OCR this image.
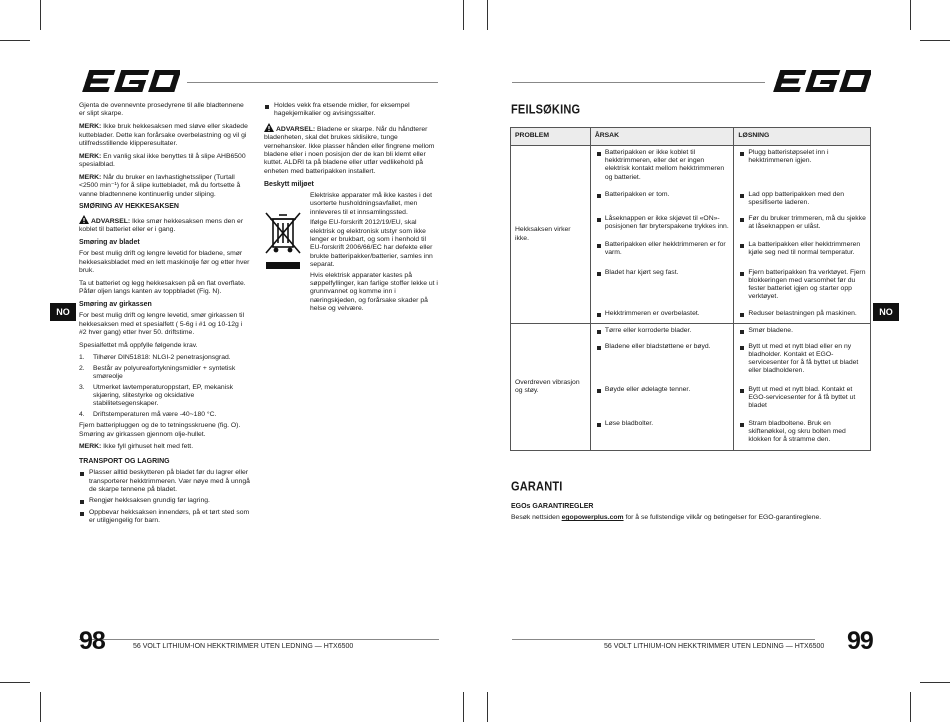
Gjenta de ovennevnte prosedyrene til alle bladtennene er slipt skarpe.

MERK: Ikke bruk hekkesaksen med sløve eller skadede kutteblader. Dette kan forårsake overbelastning og vil gi utilfredsstillende klipperesultater.

MERK: En vanlig skal ikke benyttes til å slipe AHB6500 spesialblad.

MERK: Når du bruker en lavhastighetssliper (Turtall <2500 min⁻¹) for å slipe kuttebladet, må du fortsette å vanne bladtennene kontinuerlig under sliping.

SMØRING AV HEKKESAKSEN

ADVARSEL: Ikke smør hekkesaksen mens den er koblet til batteriet eller er i gang.

Smøring av bladet

For best mulig drift og lengre levetid for bladene, smør hekkesaksbladet med en lett maskinolje før og etter hver bruk.

Ta ut batteriet og legg hekkesaksen på en flat overflate. Påfør oljen langs kanten av toppbladet (Fig. N).

Smøring av girkassen

For best mulig drift og lengre levetid, smør girkassen til hekkesaksen med et spesialfett ( 5-6g i #1 og 10-12g i #2 hver gang) etter hver 50. driftstime.

Spesialfettet må oppfylle følgende krav.

1. Tilhører DIN51818: NLGI-2 penetrasjonsgrad.
2. Består av polyureafortykningsmidler + syntetisk smøreolje
3. Utmerket lavtemperaturoppstart, EP, mekanisk skjæring, slitestyrke og oksidative stabilitetsegenskaper.
4. Driftstemperaturen må være -40~180 °C.

Fjern batteripluggen og de to tetningsskruene (fig. O). Smøring av girkassen gjennom olje-hullet.

MERK: Ikke fyll girhuset helt med fett.

TRANSPORT OG LAGRING
Plasser alltid beskytteren på bladet før du lagrer eller transporterer hekktrimmeren. Vær nøye med å unngå de skarpe tennene på bladet.
Rengjør hekksaksen grundig før lagring.
Oppbevar hekksaksen innendørs, på et tørt sted som er utilgjengelig for barn.
Holdes vekk fra etsende midler, for eksempel hagekjemikalier og avisingssalter.

ADVARSEL: Bladene er skarpe. Når du håndterer bladenheten, skal det brukes sklisikre, tunge vernehansker. Ikke plasser hånden eller fingrene mellom bladene eller i noen posisjon der de kan bli klemt eller kuttet. ALDRI ta på bladene eller utfør vedlikehold på enheten med batteripakken installert.

Beskytt miljøet

Elektriske apparater må ikke kastes i det usorterte husholdningsavfallet, men innleveres til et innsamlingssted.

Ifølge EU-forskrift 2012/19/EU, skal elektrisk og elektronisk utstyr som ikke lenger er brukbart, og som i henhold til EU-forskrift 2006/66/EC har defekte eller brukte batteripakker/batterier, samles inn separat.

Hvis elektrisk apparater kastes på søppelfyllinger, kan farlige stoffer lekke ut i grunnvannet og komme inn i næringskjeden, og forårsake skader på helse og velvære.

NO	NO
FEILSØKING
PROBLEM	ÅRSAK	LØSNING
Hekksaksen virker ikke.	Batteripakken er ikke koblet til hekktrimmeren, eller det er ingen elektrisk kontakt mellom hekktrimmeren og batteriet.	Plugg batteristøpselet inn i hekktrimmeren igjen.

	Batteripakken er tom.	Lad opp batteripakken med den spesifiserte laderen.

	Låseknappen er ikke skjøvet til «ON»-posisjonen før bryterspakene trykkes inn.	Før du bruker trimmeren, må du sjekke at låseknappen er ulåst.

	Batteripakken eller hekktrimmeren er for varm.	La batteripakken eller hekktrimmeren kjøle seg ned til normal temperatur.

	Bladet har kjørt seg fast.	Fjern batteripakken fra verktøyet. Fjern blokkeringen med varsomhet før du fester batteriet igjen og starter opp verktøyet.

	Hekktrimmeren er overbelastet.	Reduser belastningen på maskinen.

Overdreven vibrasjon og støy.	Tørre eller korroderte blader.	Smør bladene.

	Bladene eller bladstøttene er bøyd.	Bytt ut med et nytt blad eller en ny bladholder. Kontakt et EGO-servicesenter for å få byttet ut bladet eller bladholderen.

	Bøyde eller ødelagte tenner.	Bytt ut med et nytt blad. Kontakt et EGO-servicesenter for å få byttet ut bladet

	Løse bladbolter.	Stram bladboltene. Bruk en skiftenøkkel, og skru bolten med klokken for å stramme den.
GARANTI
EGOs GARANTIREGLER

Besøk nettsiden egopowerplus.com for å se fullstendige vilkår og betingelser for EGO-garantireglene.

98	56 VOLT LITHIUM-ION HEKKTRIMMER UTEN LEDNING — HTX6500	56 VOLT LITHIUM-ION HEKKTRIMMER UTEN LEDNING — HTX6500 99
